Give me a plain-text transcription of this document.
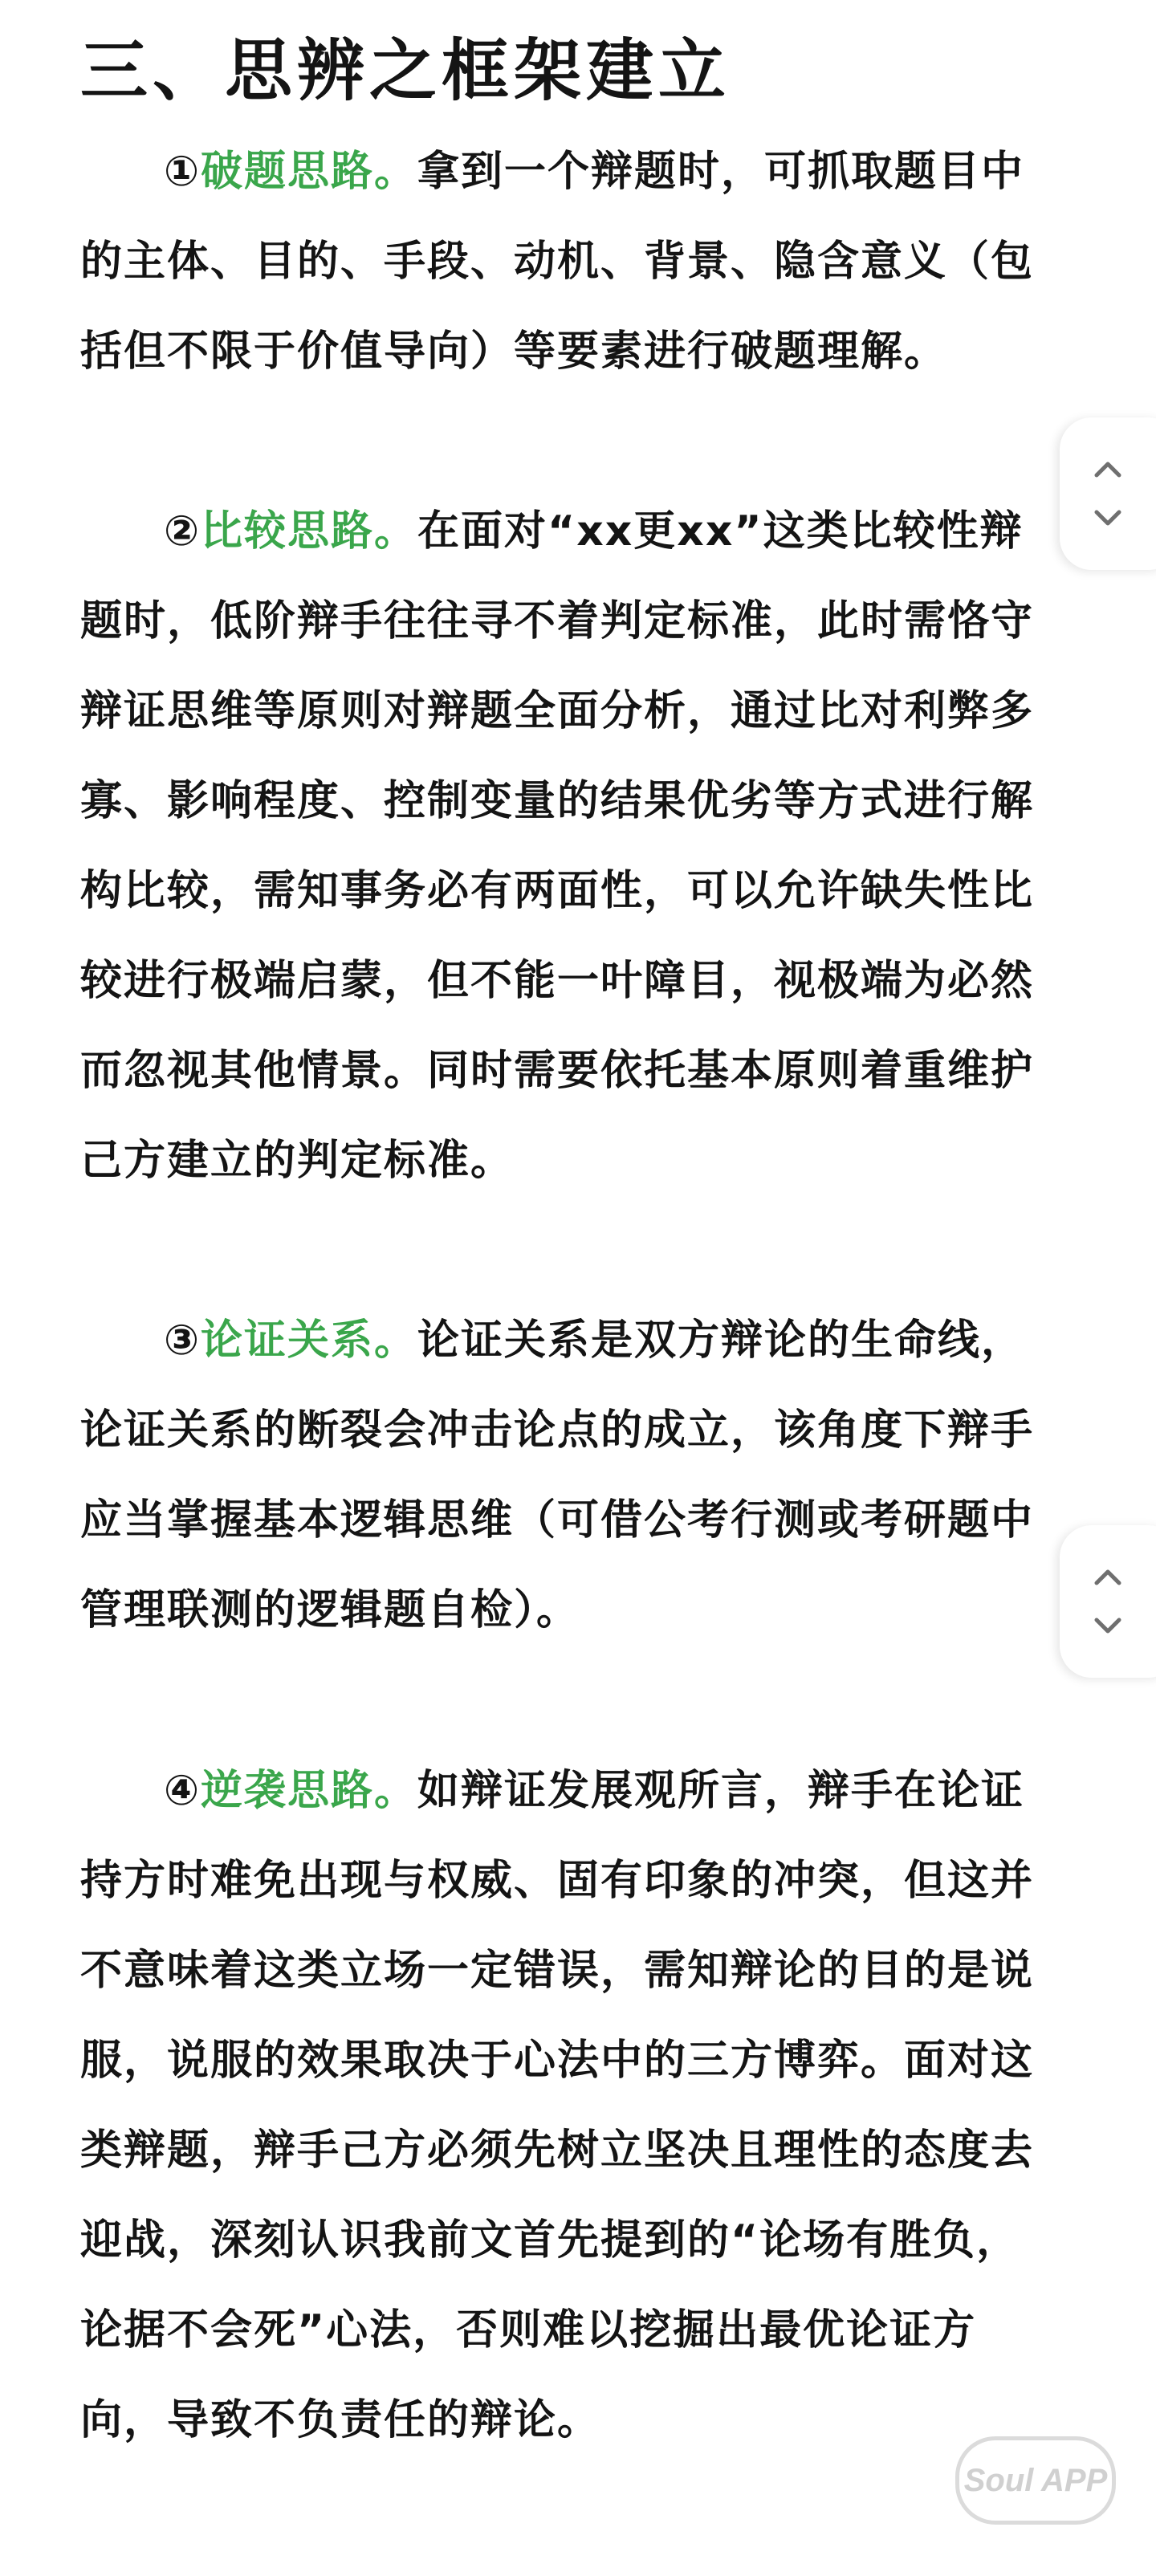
三、思辨之框架建立

①破题思路。拿到一个辩题时，可抓取题目中的主体、目的、手段、动机、背景、隐含意义（包括但不限于价值导向）等要素进行破题理解。

②比较思路。在面对“xx更xx”这类比较性辩题时，低阶辩手往往寻不着判定标准，此时需恪守辩证思维等原则对辩题全面分析，通过比对利弊多寡、影响程度、控制变量的结果优劣等方式进行解构比较，需知事务必有两面性，可以允许缺失性比较进行极端启蒙，但不能一叶障目，视极端为必然而忽视其他情景。同时需要依托基本原则着重维护己方建立的判定标准。

③论证关系。论证关系是双方辩论的生命线，论证关系的断裂会冲击论点的成立，该角度下辩手应当掌握基本逻辑思维（可借公考行测或考研题中管理联测的逻辑题自检）。

④逆袭思路。如辩证发展观所言，辩手在论证持方时难免出现与权威、固有印象的冲突，但这并不意味着这类立场一定错误，需知辩论的目的是说服，说服的效果取决于心法中的三方博弈。面对这类辩题，辩手己方必须先树立坚决且理性的态度去迎战，深刻认识我前文首先提到的“论场有胜负，论据不会死”心法，否则难以挖掘出最优论证方向，导致不负责任的辩论。

Soul APP
